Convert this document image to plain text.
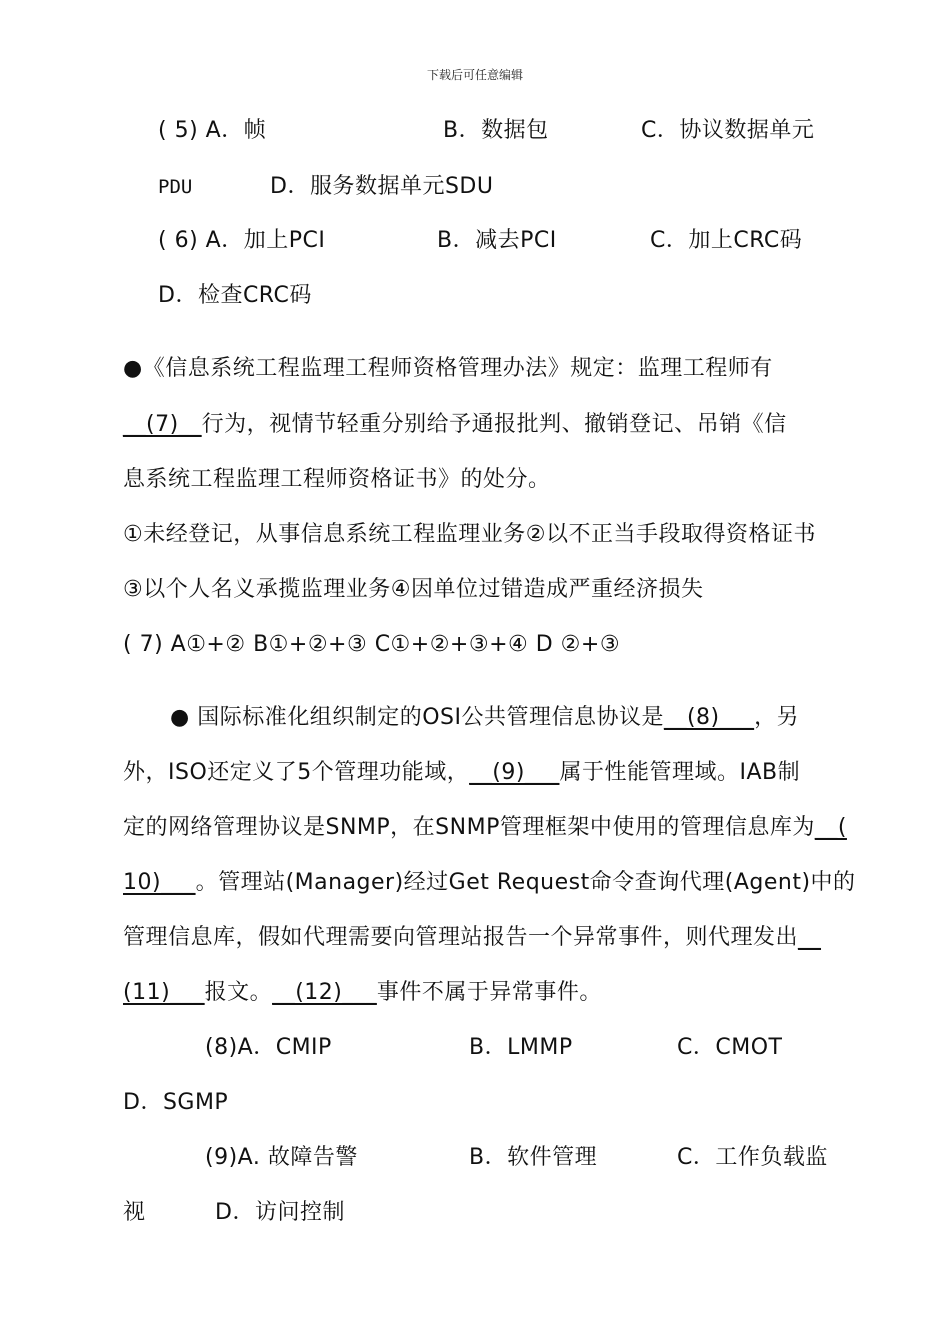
下载后可任意编辑
( 5) A．帧	B．数据包	C．协议数据单元
PDU	D．服务数据单元SDU
( 6) A．加上PCI	B．减去PCI	C．加上CRC码
D．检查CRC码
●《信息系统工程监理工程师资格管理办法》规定：监理工程师有
__(7)__行为，视情节轻重分别给予通报批判、撤销登记、吊销《信
息系统工程监理工程师资格证书》的处分。
①未经登记，从事信息系统工程监理业务②以不正当手段取得资格证书
③以个人名义承揽监理业务④因单位过错造成严重经济损失
( 7) A①+② B①+②+③ C①+②+③+④ D ②+③
● 国际标准化组织制定的OSI公共管理信息协议是__(8)___，另
外，ISO还定义了5个管理功能域，__(9)___属于性能管理域。IAB制
定的网络管理协议是SNMP，在SNMP管理框架中使用的管理信息库为__(
10)___。管理站(Manager)经过Get Request命令查询代理(Agent)中的
管理信息库，假如代理需要向管理站报告一个异常事件，则代理发出__
(11)___报文。__(12)___事件不属于异常事件。
(8)A．CMIP	B．LMMP	C．CMOT
D．SGMP
(9)A. 故障告警	B．软件管理	C．工作负载监
视	D．访问控制
